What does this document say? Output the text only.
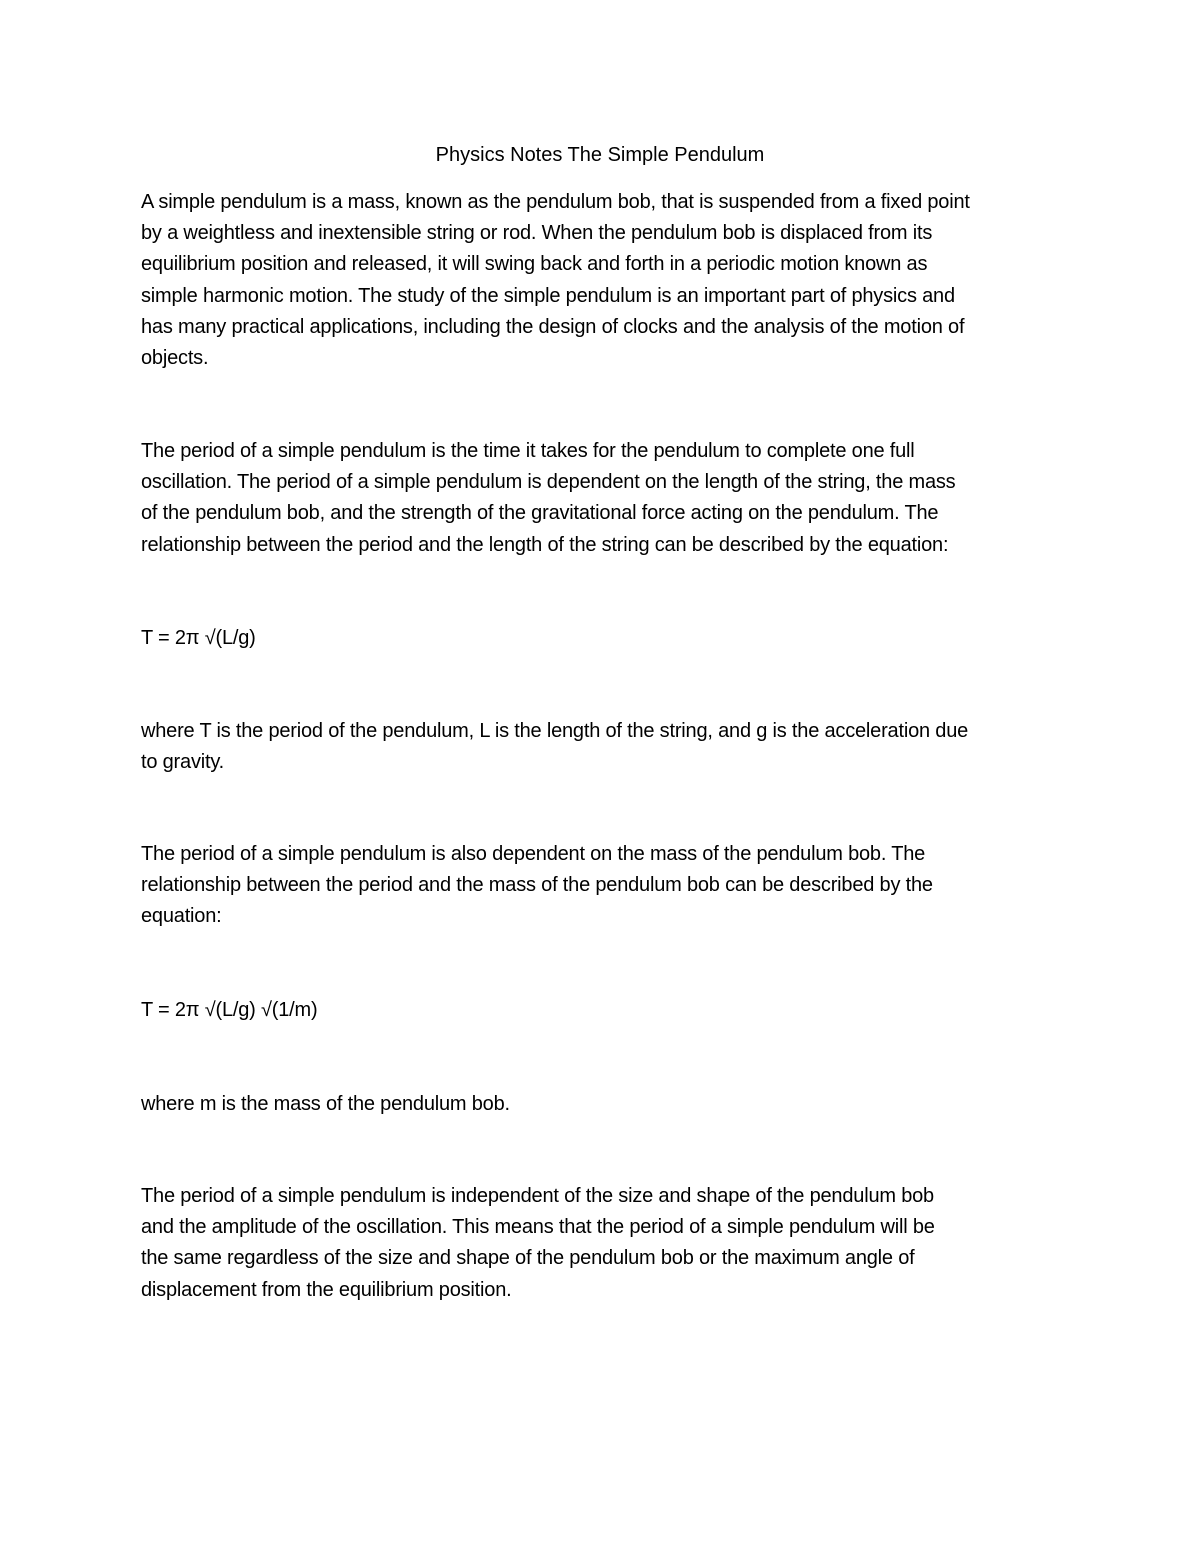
Physics Notes The Simple Pendulum

A simple pendulum is a mass, known as the pendulum bob, that is suspended from a fixed point
by a weightless and inextensible string or rod. When the pendulum bob is displaced from its
equilibrium position and released, it will swing back and forth in a periodic motion known as
simple harmonic motion. The study of the simple pendulum is an important part of physics and
has many practical applications, including the design of clocks and the analysis of the motion of
objects.

The period of a simple pendulum is the time it takes for the pendulum to complete one full
oscillation. The period of a simple pendulum is dependent on the length of the string, the mass
of the pendulum bob, and the strength of the gravitational force acting on the pendulum. The
relationship between the period and the length of the string can be described by the equation:

T = 2π √(L/g)

where T is the period of the pendulum, L is the length of the string, and g is the acceleration due
to gravity.

The period of a simple pendulum is also dependent on the mass of the pendulum bob. The
relationship between the period and the mass of the pendulum bob can be described by the
equation:

T = 2π √(L/g) √(1/m)

where m is the mass of the pendulum bob.

The period of a simple pendulum is independent of the size and shape of the pendulum bob
and the amplitude of the oscillation. This means that the period of a simple pendulum will be
the same regardless of the size and shape of the pendulum bob or the maximum angle of
displacement from the equilibrium position.
